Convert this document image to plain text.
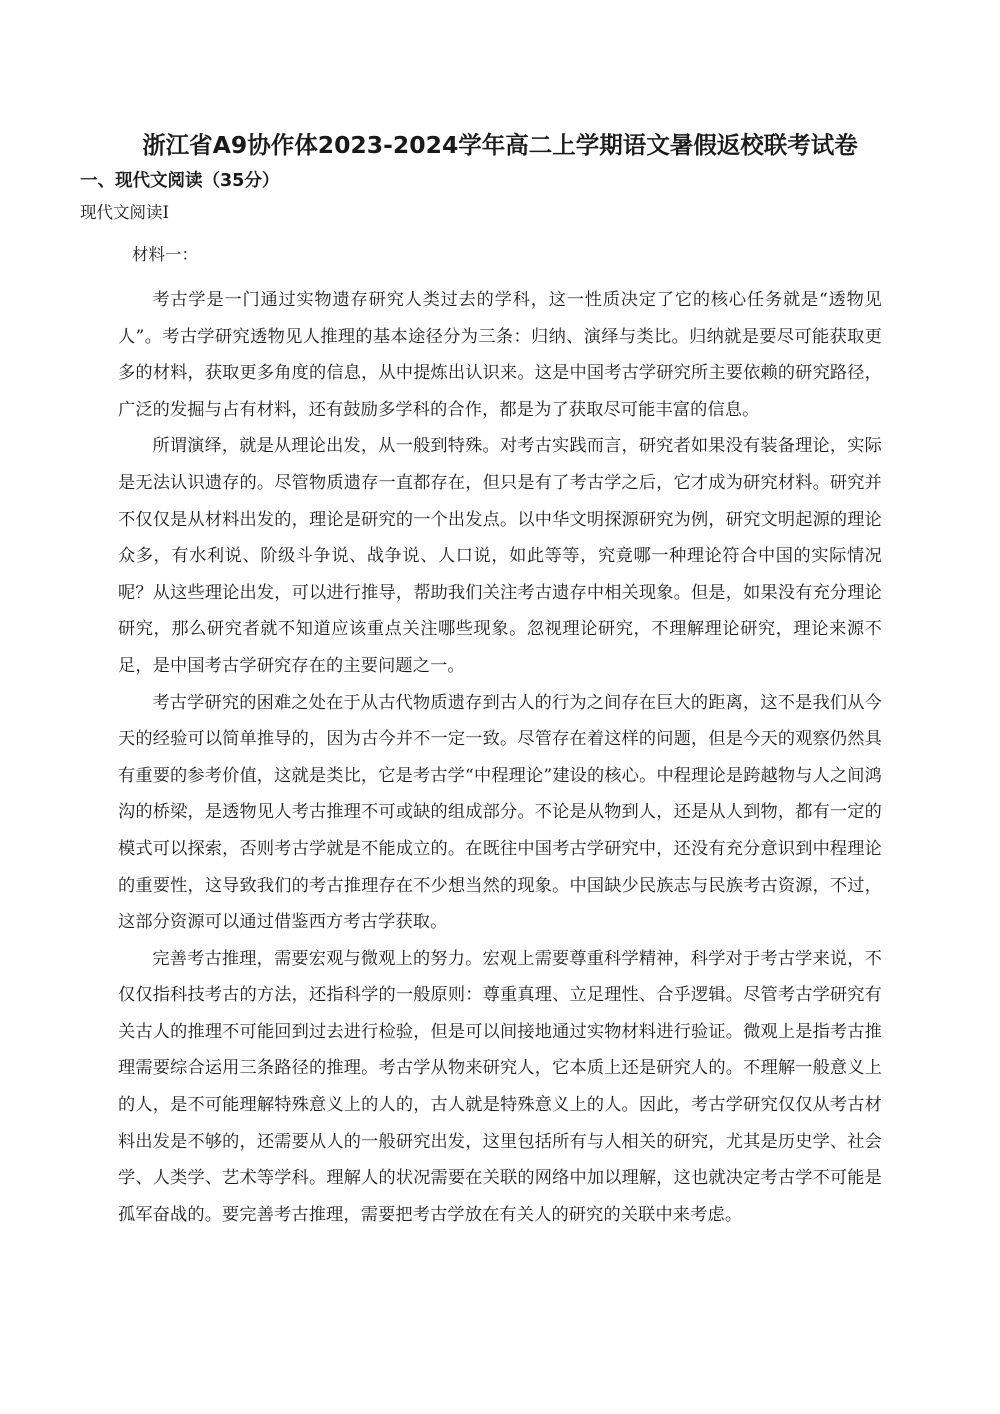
浙江省A9协作体2023-2024学年高二上学期语文暑假返校联考试卷
一、现代文阅读（35分）
现代文阅读Ⅰ
材料一：

考古学是一门通过实物遗存研究人类过去的学科，这一性质决定了它的核心任务就是“透物见人”。考古学研究透物见人推理的基本途径分为三条：归纳、演绎与类比。归纳就是要尽可能获取更多的材料，获取更多角度的信息，从中提炼出认识来。这是中国考古学研究所主要依赖的研究路径，广泛的发掘与占有材料，还有鼓励多学科的合作，都是为了获取尽可能丰富的信息。

所谓演绎，就是从理论出发，从一般到特殊。对考古实践而言，研究者如果没有装备理论，实际是无法认识遗存的。尽管物质遗存一直都存在，但只是有了考古学之后，它才成为研究材料。研究并不仅仅是从材料出发的，理论是研究的一个出发点。以中华文明探源研究为例，研究文明起源的理论众多，有水利说、阶级斗争说、战争说、人口说，如此等等，究竟哪一种理论符合中国的实际情况呢？从这些理论出发，可以进行推导，帮助我们关注考古遗存中相关现象。但是，如果没有充分理论研究，那么研究者就不知道应该重点关注哪些现象。忽视理论研究，不理解理论研究，理论来源不足，是中国考古学研究存在的主要问题之一。

考古学研究的困难之处在于从古代物质遗存到古人的行为之间存在巨大的距离，这不是我们从今天的经验可以简单推导的，因为古今并不一定一致。尽管存在着这样的问题，但是今天的观察仍然具有重要的参考价值，这就是类比，它是考古学“中程理论”建设的核心。中程理论是跨越物与人之间鸿沟的桥梁，是透物见人考古推理不可或缺的组成部分。不论是从物到人，还是从人到物，都有一定的模式可以探索，否则考古学就是不能成立的。在既往中国考古学研究中，还没有充分意识到中程理论的重要性，这导致我们的考古推理存在不少想当然的现象。中国缺少民族志与民族考古资源，不过，这部分资源可以通过借鉴西方考古学获取。

完善考古推理，需要宏观与微观上的努力。宏观上需要尊重科学精神，科学对于考古学来说，不仅仅指科技考古的方法，还指科学的一般原则：尊重真理、立足理性、合乎逻辑。尽管考古学研究有关古人的推理不可能回到过去进行检验，但是可以间接地通过实物材料进行验证。微观上是指考古推理需要综合运用三条路径的推理。考古学从物来研究人，它本质上还是研究人的。不理解一般意义上的人，是不可能理解特殊意义上的人的，古人就是特殊意义上的人。因此，考古学研究仅仅从考古材料出发是不够的，还需要从人的一般研究出发，这里包括所有与人相关的研究，尤其是历史学、社会学、人类学、艺术等学科。理解人的状况需要在关联的网络中加以理解，这也就决定考古学不可能是孤军奋战的。要完善考古推理，需要把考古学放在有关人的研究的关联中来考虑。
